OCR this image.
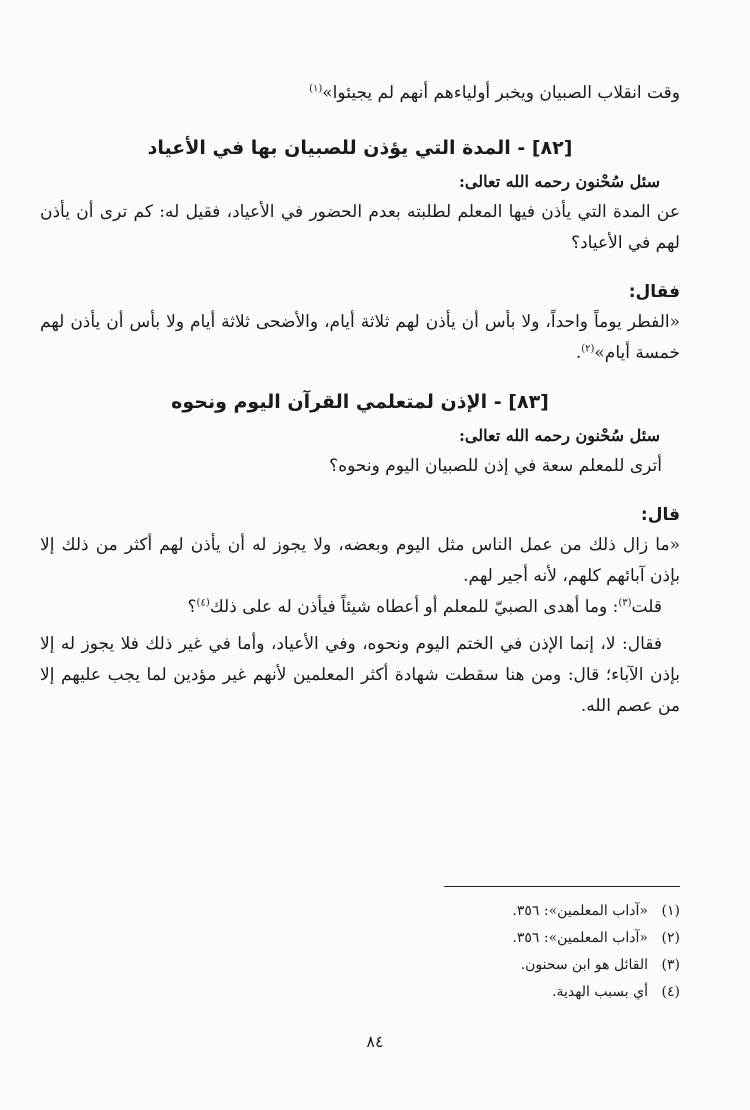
وقت انقلاب الصبيان ويخبر أولياءهم أنهم لم يجيئوا»$^{(١)}$

[٨٢] - المدة التي يؤذن للصبيان بها في الأعياد

سئل سُحْنون رحمه الله تعالى:

عن المدة التي يأذن فيها المعلم لطلبته بعدم الحضور في الأعياد، فقيل له: كم ترى أن يأذن لهم في الأعياد؟

فقال:

«الفطر يوماً واحداً، ولا بأس أن يأذن لهم ثلاثة أيام، والأضحى ثلاثة أيام ولا بأس أن يأذن لهم خمسة أيام»$^{(٢)}$.

[٨٣] - الإذن لمتعلمي القرآن اليوم ونحوه

سئل سُحْنون رحمه الله تعالى:

أترى للمعلم سعة في إذن للصبيان اليوم ونحوه؟

قال:

«ما زال ذلك من عمل الناس مثل اليوم وبعضه، ولا يجوز له أن يأذن لهم أكثر من ذلك إلا بإذن آبائهم كلهم، لأنه أجير لهم.

قلت$^{(٣)}$: وما أهدى الصبيّ للمعلم أو أعطاه شيئاً فيأذن له على ذلك$^{(٤)}$؟

فقال: لا، إنما الإذن في الختم اليوم ونحوه، وفي الأعياد، وأما في غير ذلك فلا يجوز له إلا بإذن الآباء؛ قال: ومن هنا سقطت شهادة أكثر المعلمين لأنهم غير مؤدين لما يجب عليهم إلا من عصم الله.

(١)
«آداب المعلمين»: ٣٥٦.
(٢)
«آداب المعلمين»: ٣٥٦.
(٣)
القائل هو ابن سحنون.
(٤)
أي بسبب الهدية.
٨٤
